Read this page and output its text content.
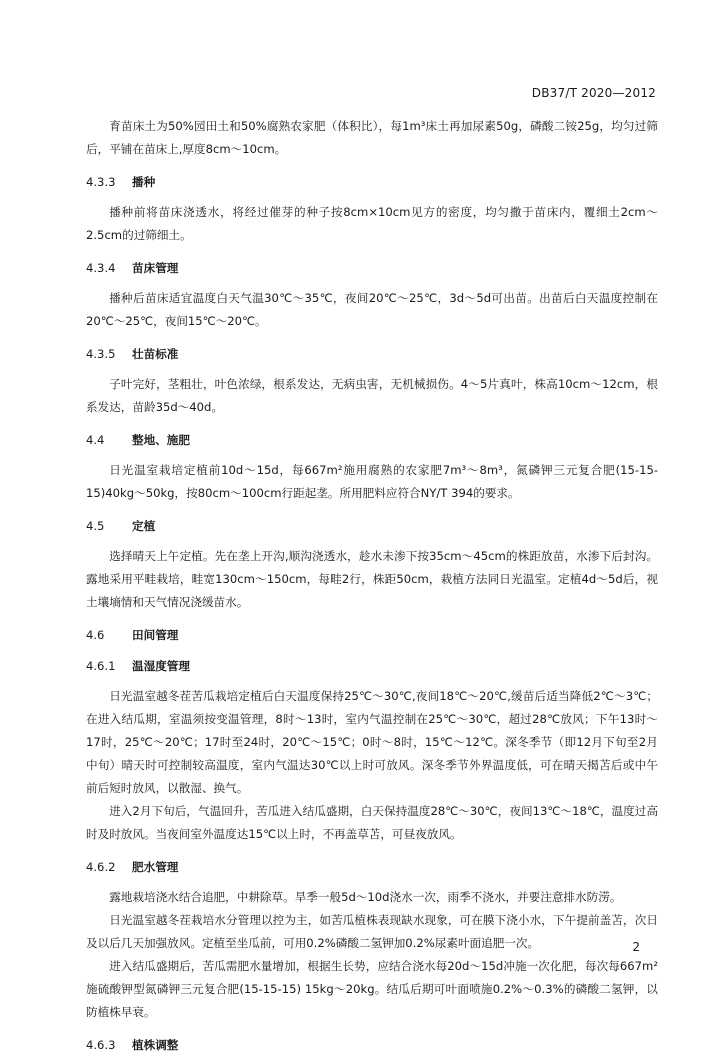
DB37/T 2020—2012

育苗床土为50%园田土和50%腐熟农家肥（体积比），每1m³床土再加尿素50g，磷酸二铵25g，均匀过筛后，平铺在苗床上,厚度8cm～10cm。

4.3.3 播种

播种前将苗床浇透水，将经过催芽的种子按8cm×10cm见方的密度，均匀撒于苗床内，覆细土2cm～2.5cm的过筛细土。

4.3.4 苗床管理

播种后苗床适宜温度白天气温30℃～35℃，夜间20℃～25℃，3d～5d可出苗。出苗后白天温度控制在20℃～25℃，夜间15℃～20℃。

4.3.5 壮苗标准

子叶完好，茎粗壮，叶色浓绿，根系发达，无病虫害，无机械损伤。4～5片真叶，株高10cm～12cm，根系发达，苗龄35d～40d。

4.4 整地、施肥

日光温室栽培定植前10d～15d，每667m²施用腐熟的农家肥7m³～8m³，氮磷钾三元复合肥(15-15-15)40kg～50kg，按80cm～100cm行距起垄。所用肥料应符合NY/T 394的要求。

4.5 定植

选择晴天上午定植。先在垄上开沟,顺沟浇透水，趁水未渗下按35cm～45cm的株距放苗，水渗下后封沟。露地采用平畦栽培，畦宽130cm～150cm，每畦2行，株距50cm，栽植方法同日光温室。定植4d～5d后，视土壤墒情和天气情况浇缓苗水。

4.6 田间管理
4.6.1 温湿度管理

日光温室越冬茬苦瓜栽培定植后白天温度保持25℃～30℃,夜间18℃～20℃,缓苗后适当降低2℃～3℃；在进入结瓜期，室温须按变温管理，8时～13时，室内气温控制在25℃～30℃，超过28℃放风；下午13时～17时，25℃～20℃；17时至24时，20℃～15℃；0时～8时，15℃～12℃。深冬季节（即12月下旬至2月中旬）晴天时可控制较高温度，室内气温达30℃以上时可放风。深冬季节外界温度低，可在晴天揭苫后或中午前后短时放风，以散湿、换气。

进入2月下旬后，气温回升，苦瓜进入结瓜盛期，白天保持温度28℃～30℃，夜间13℃～18℃，温度过高时及时放风。当夜间室外温度达15℃以上时，不再盖草苫，可昼夜放风。

4.6.2 肥水管理

露地栽培浇水结合追肥，中耕除草。旱季一般5d～10d浇水一次，雨季不浇水，并要注意排水防涝。

日光温室越冬茬栽培水分管理以控为主，如苦瓜植株表现缺水现象，可在膜下浇小水，下午提前盖苫，次日及以后几天加强放风。定植至坐瓜前，可用0.2%磷酸二氢钾加0.2%尿素叶面追肥一次。

进入结瓜盛期后，苦瓜需肥水量增加，根据生长势，应结合浇水每20d～15d冲施一次化肥，每次每667m²施硫酸钾型氮磷钾三元复合肥(15-15-15) 15kg～20kg。结瓜后期可叶面喷施0.2%～0.3%的磷酸二氢钾，以防植株早衰。

4.6.3 植株调整
2
